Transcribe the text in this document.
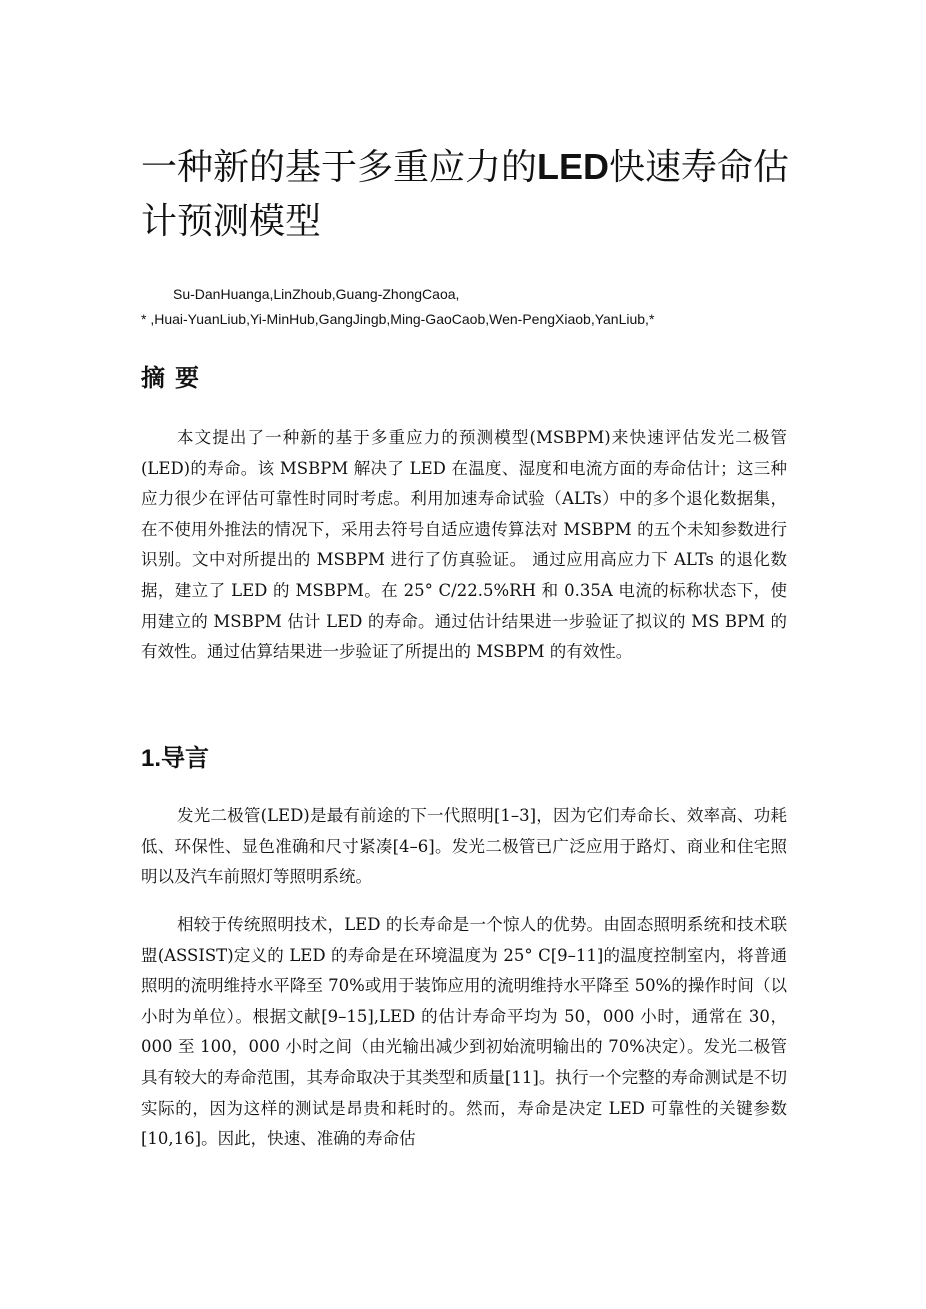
一种新的基于多重应力的LED快速寿命估计预测模型
Su-DanHuanga,LinZhoub,Guang-ZhongCaoa,
* ,Huai-YuanLiub,Yi-MinHub,GangJingb,Ming-GaoCaob,Wen-PengXiaob,YanLiub,*
摘要

本文提出了一种新的基于多重应力的预测模型(MSBPM)来快速评估发光二极管(LED)的寿命。该 MSBPM 解决了 LED 在温度、湿度和电流方面的寿命估计；这三种应力很少在评估可靠性时同时考虑。利用加速寿命试验（ALTs）中的多个退化数据集，在不使用外推法的情况下，采用去符号自适应遗传算法对 MSBPM 的五个未知参数进行识别。文中对所提出的 MSBPM 进行了仿真验证。 通过应用高应力下 ALTs 的退化数据，建立了 LED 的 MSBPM。在 25° C/22.5%RH 和 0.35A 电流的标称状态下，使用建立的 MSBPM 估计 LED 的寿命。通过估计结果进一步验证了拟议的 MS BPM 的有效性。通过估算结果进一步验证了所提出的 MSBPM 的有效性。

1.导言

发光二极管(LED)是最有前途的下一代照明[1–3]，因为它们寿命长、效率高、功耗低、环保性、显色准确和尺寸紧凑[4–6]。发光二极管已广泛应用于路灯、商业和住宅照明以及汽车前照灯等照明系统。

相较于传统照明技术，LED 的长寿命是一个惊人的优势。由固态照明系统和技术联盟(ASSIST)定义的 LED 的寿命是在环境温度为 25° C[9–11]的温度控制室内，将普通照明的流明维持水平降至 70%或用于装饰应用的流明维持水平降至 50%的操作时间（以小时为单位）。根据文献[9–15],LED 的估计寿命平均为 50，000 小时，通常在 30，000 至 100，000 小时之间（由光输出减少到初始流明输出的 70%决定）。发光二极管具有较大的寿命范围，其寿命取决于其类型和质量[11]。执行一个完整的寿命测试是不切实际的，因为这样的测试是昂贵和耗时的。然而，寿命是决定 LED 可靠性的关键参数[10,16]。因此，快速、准确的寿命估
